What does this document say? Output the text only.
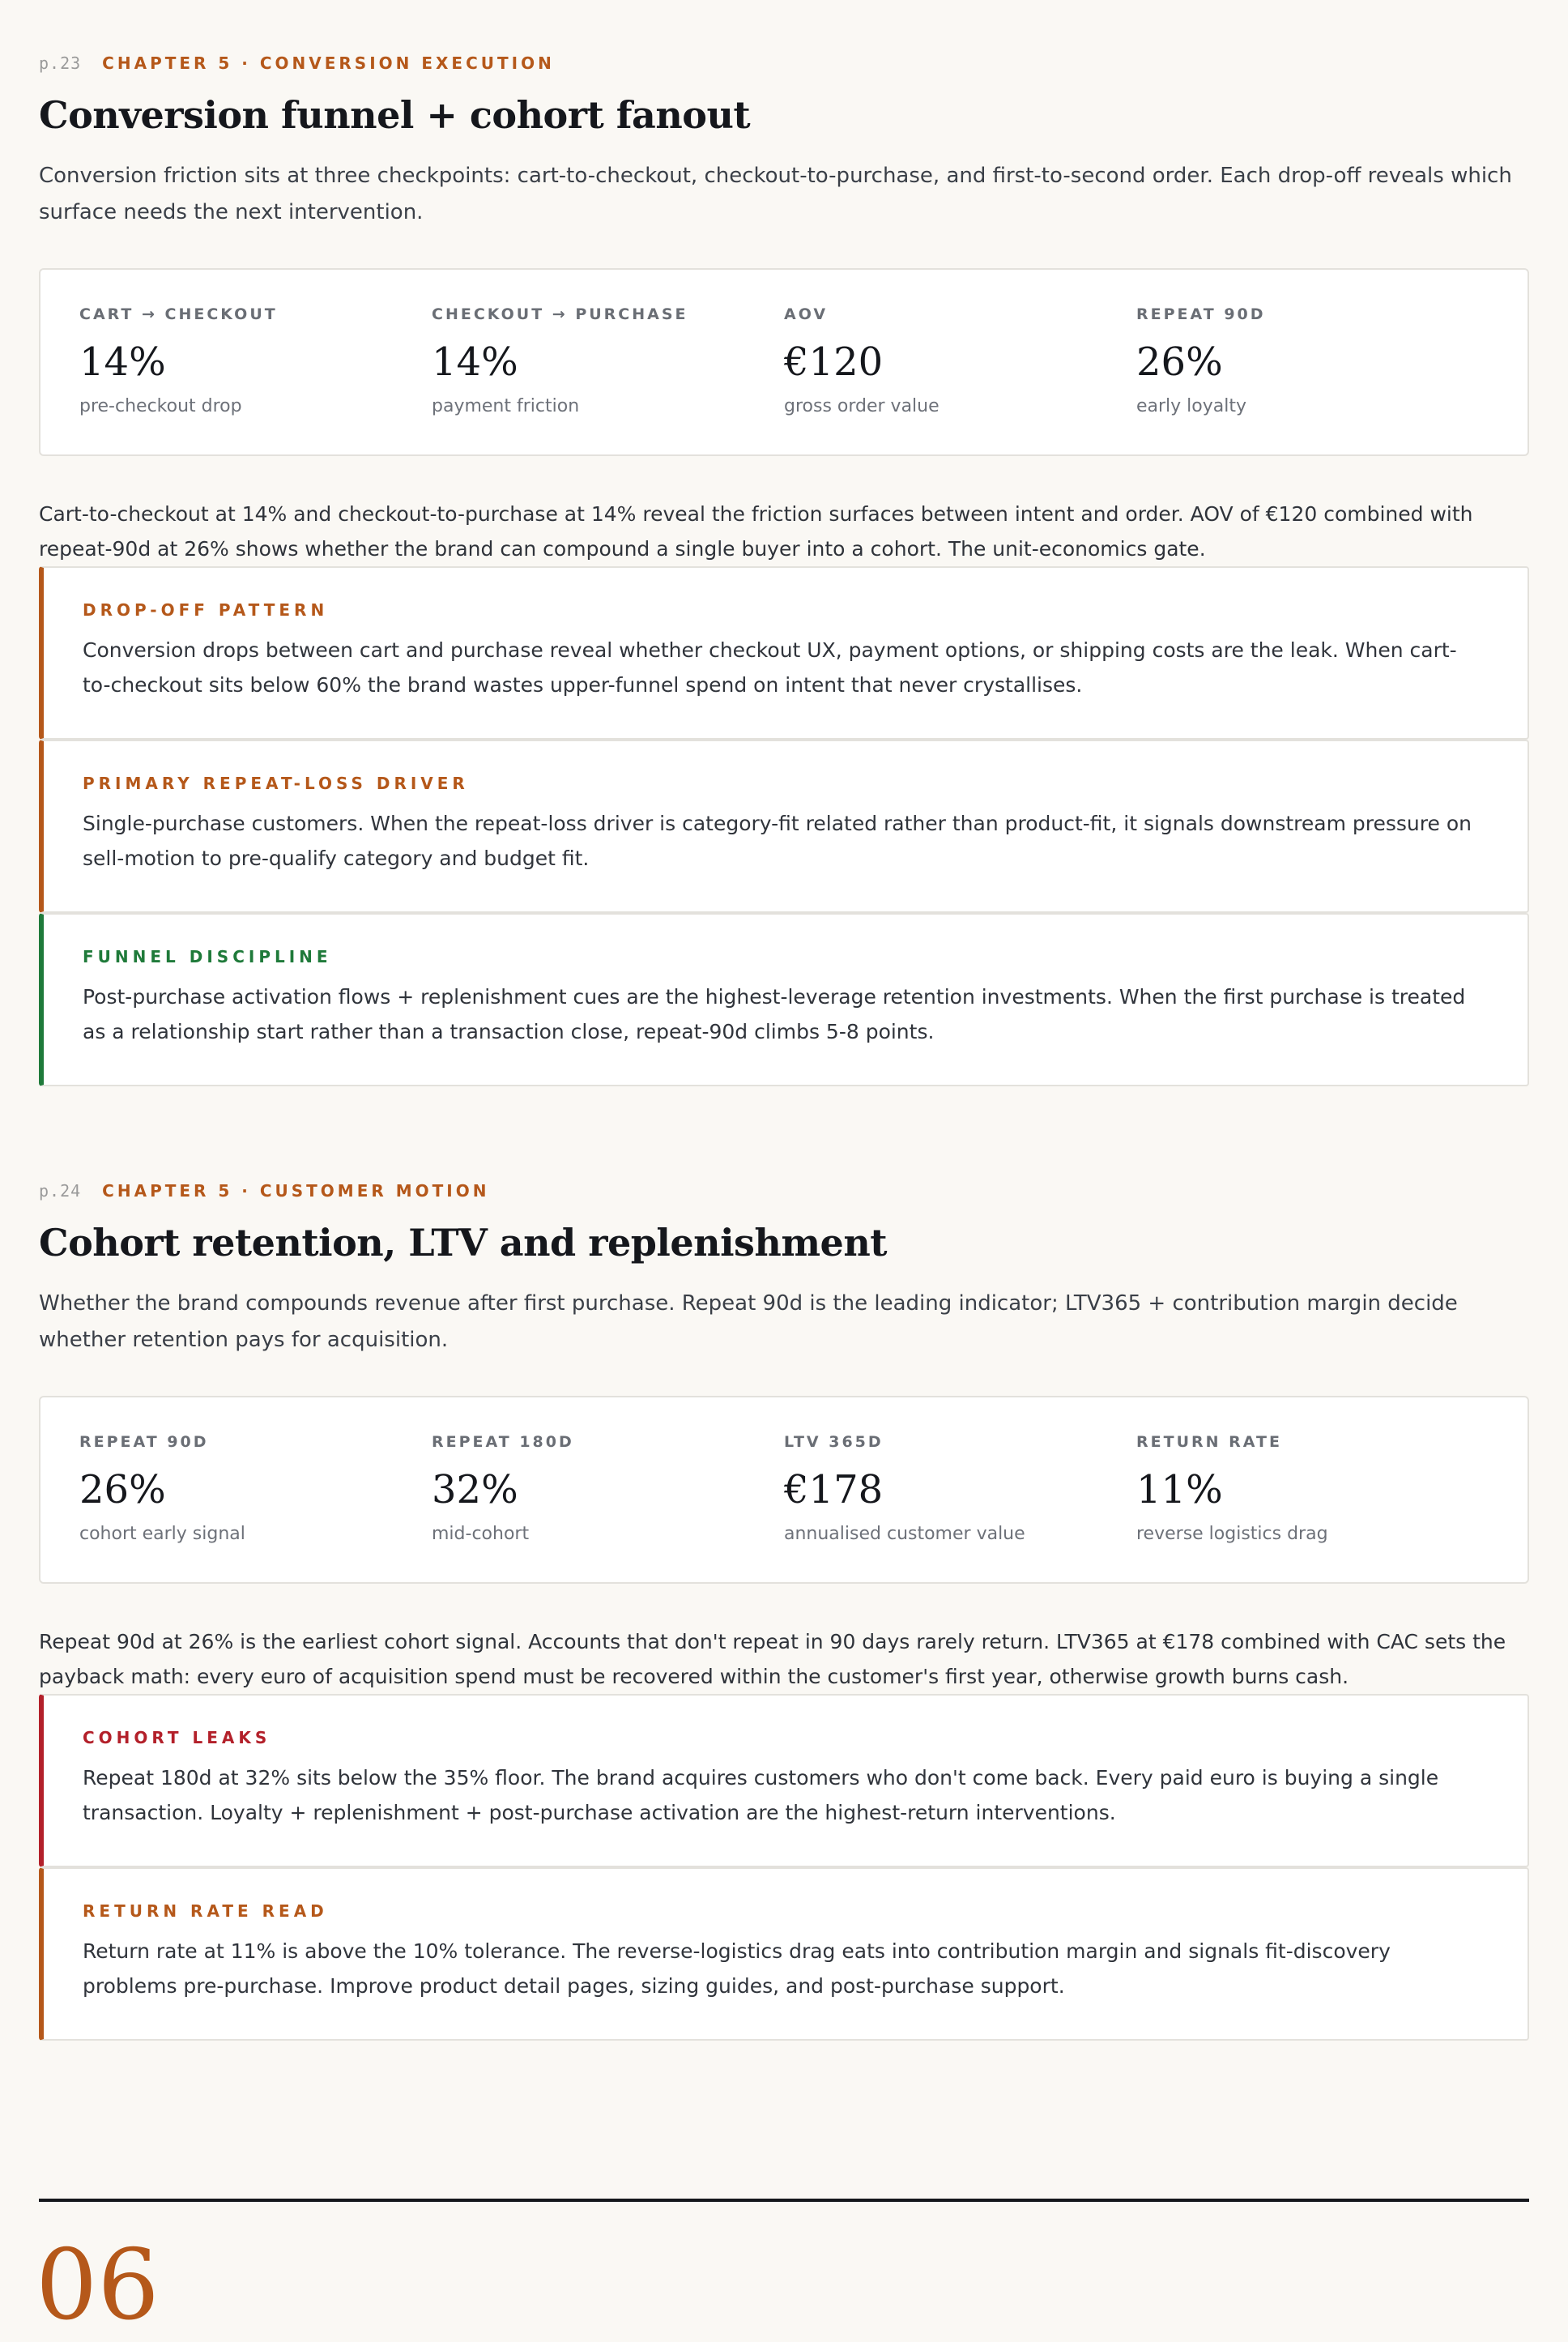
p.23 CHAPTER 5 · CONVERSION EXECUTION
Conversion funnel + cohort fanout

Conversion friction sits at three checkpoints: cart-to-checkout, checkout-to-purchase, and first-to-second order. Each drop-off reveals which surface needs the next intervention.

CART → CHECKOUT
14%
pre-checkout drop
CHECKOUT → PURCHASE
14%
payment friction
AOV
€120
gross order value
REPEAT 90D
26%
early loyalty

Cart-to-checkout at 14% and checkout-to-purchase at 14% reveal the friction surfaces between intent and order. AOV of €120 combined with repeat-90d at 26% shows whether the brand can compound a single buyer into a cohort. The unit-economics gate.

DROP-OFF PATTERN
Conversion drops between cart and purchase reveal whether checkout UX, payment options, or shipping costs are the leak. When cart-to-checkout sits below 60% the brand wastes upper-funnel spend on intent that never crystallises.
PRIMARY REPEAT-LOSS DRIVER
Single-purchase customers. When the repeat-loss driver is category-fit related rather than product-fit, it signals downstream pressure on sell-motion to pre-qualify category and budget fit.
FUNNEL DISCIPLINE
Post-purchase activation flows + replenishment cues are the highest-leverage retention investments. When the first purchase is treated as a relationship start rather than a transaction close, repeat-90d climbs 5-8 points.
p.24 CHAPTER 5 · CUSTOMER MOTION
Cohort retention, LTV and replenishment

Whether the brand compounds revenue after first purchase. Repeat 90d is the leading indicator; LTV365 + contribution margin decide whether retention pays for acquisition.

REPEAT 90D
26%
cohort early signal
REPEAT 180D
32%
mid-cohort
LTV 365D
€178
annualised customer value
RETURN RATE
11%
reverse logistics drag

Repeat 90d at 26% is the earliest cohort signal. Accounts that don't repeat in 90 days rarely return. LTV365 at €178 combined with CAC sets the payback math: every euro of acquisition spend must be recovered within the customer's first year, otherwise growth burns cash.

COHORT LEAKS
Repeat 180d at 32% sits below the 35% floor. The brand acquires customers who don't come back. Every paid euro is buying a single transaction. Loyalty + replenishment + post-purchase activation are the highest-return interventions.
RETURN RATE READ
Return rate at 11% is above the 10% tolerance. The reverse-logistics drag eats into contribution margin and signals fit-discovery problems pre-purchase. Improve product detail pages, sizing guides, and post-purchase support.
06
